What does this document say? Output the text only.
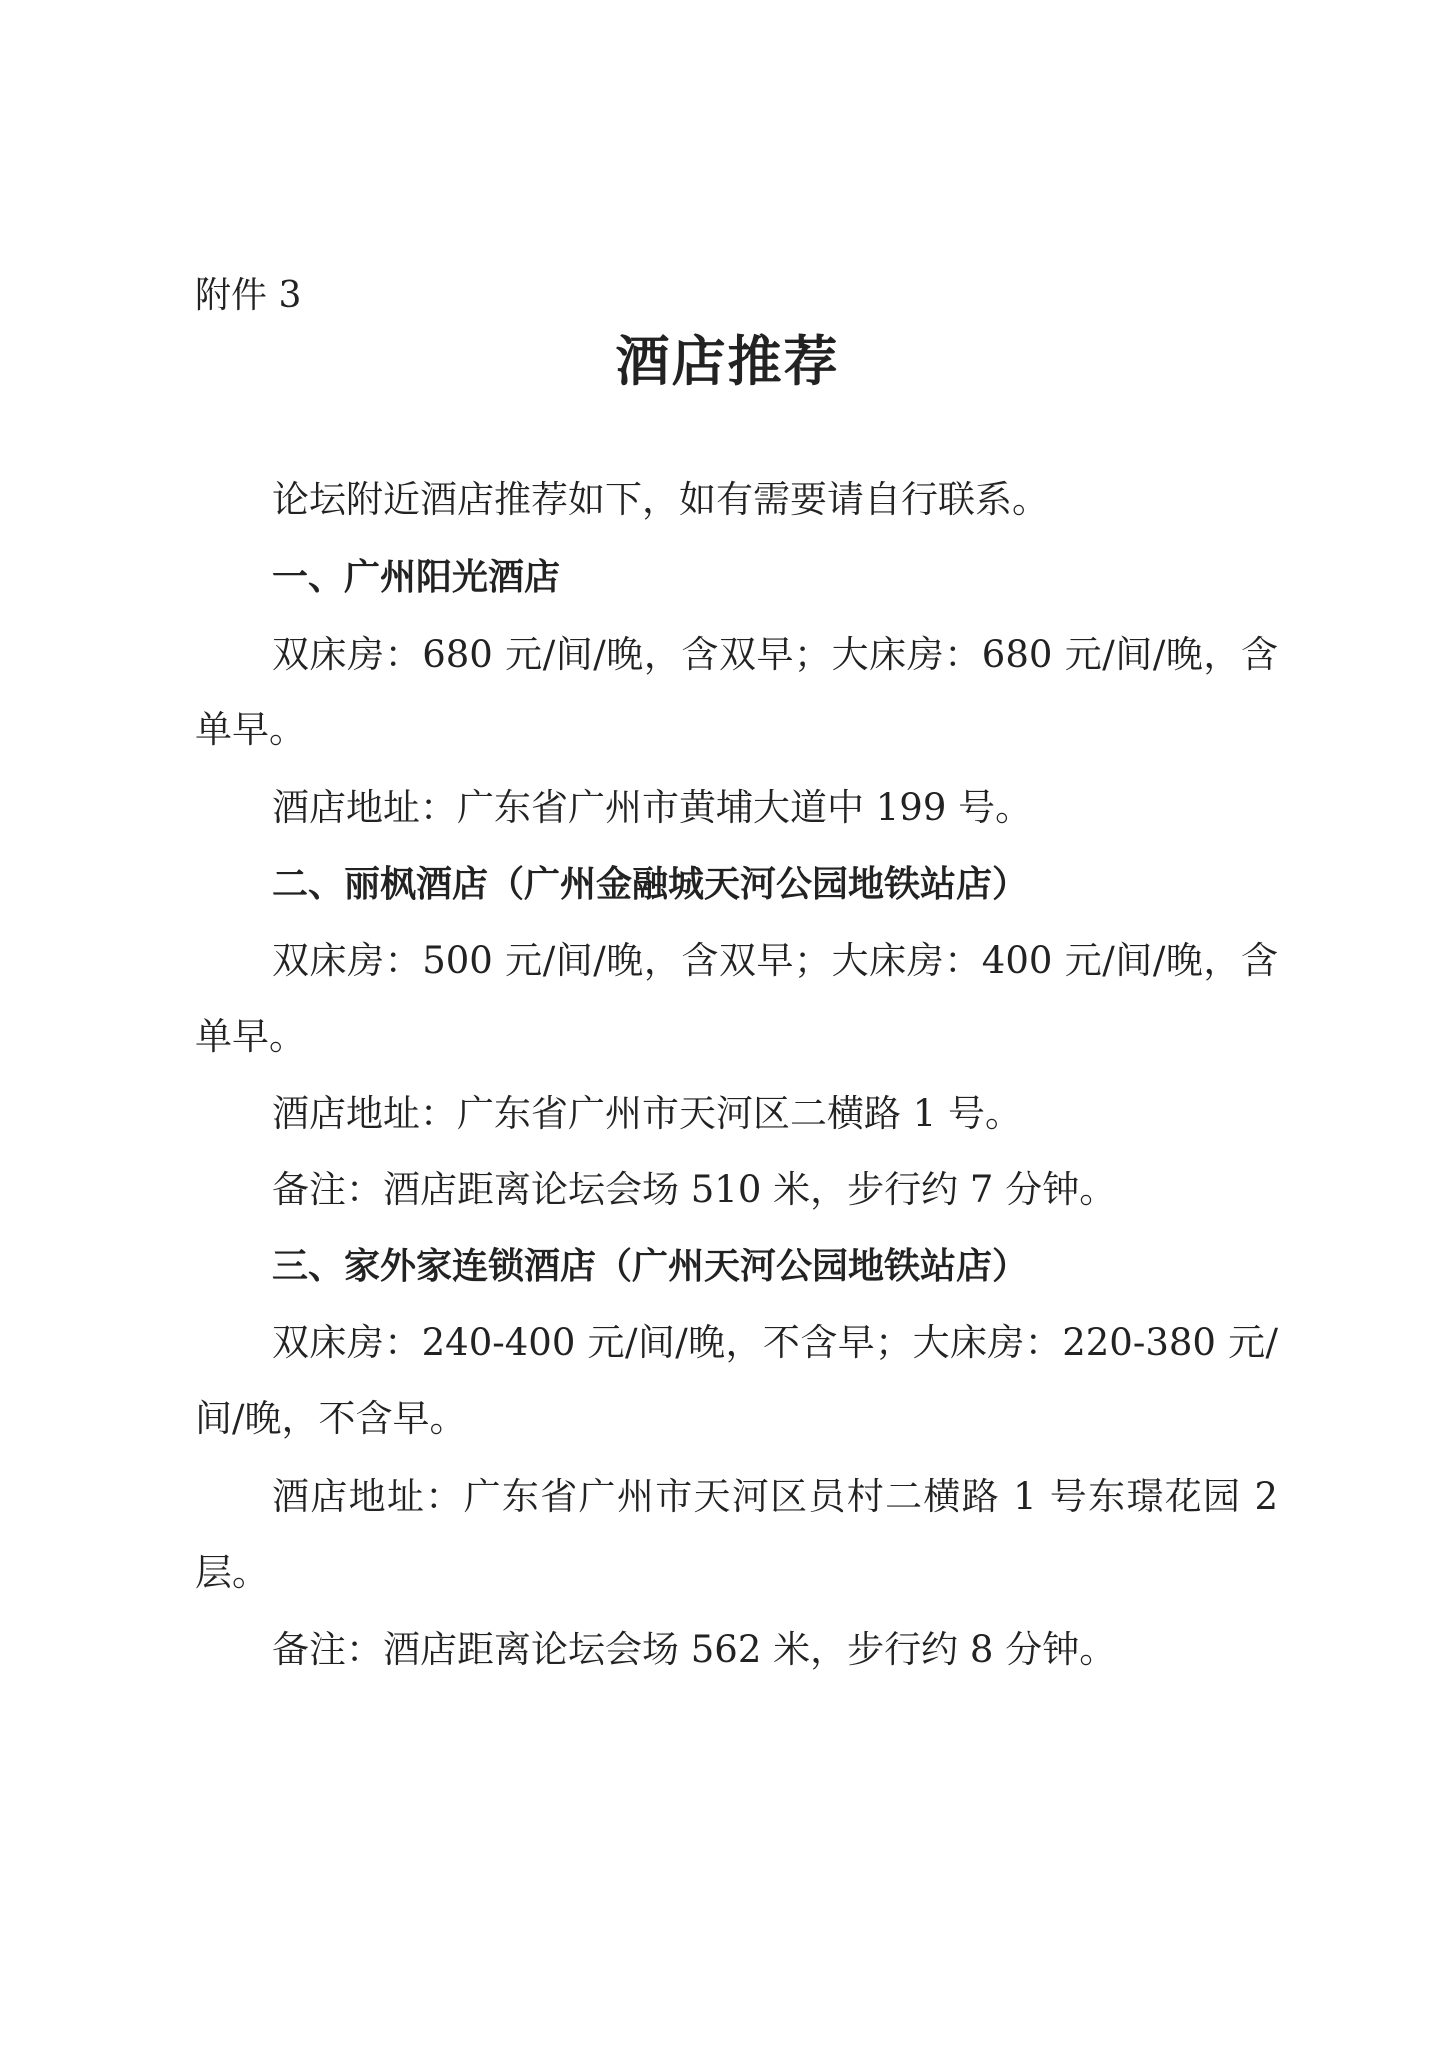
附件 3
酒店推荐
论坛附近酒店推荐如下，如有需要请自行联系。
一、广州阳光酒店
双床房：680 元/间/晚，含双早；大床房：680 元/间/晚，含
单早。
酒店地址：广东省广州市黄埔大道中 199 号。
二、丽枫酒店（广州金融城天河公园地铁站店）
双床房：500 元/间/晚，含双早；大床房：400 元/间/晚，含
单早。
酒店地址：广东省广州市天河区二横路 1 号。
备注：酒店距离论坛会场 510 米，步行约 7 分钟。
三、家外家连锁酒店（广州天河公园地铁站店）
双床房：240-400 元/间/晚，不含早；大床房：220-380 元/
间/晚，不含早。
酒店地址：广东省广州市天河区员村二横路 1 号东璟花园 2
层。
备注：酒店距离论坛会场 562 米，步行约 8 分钟。
